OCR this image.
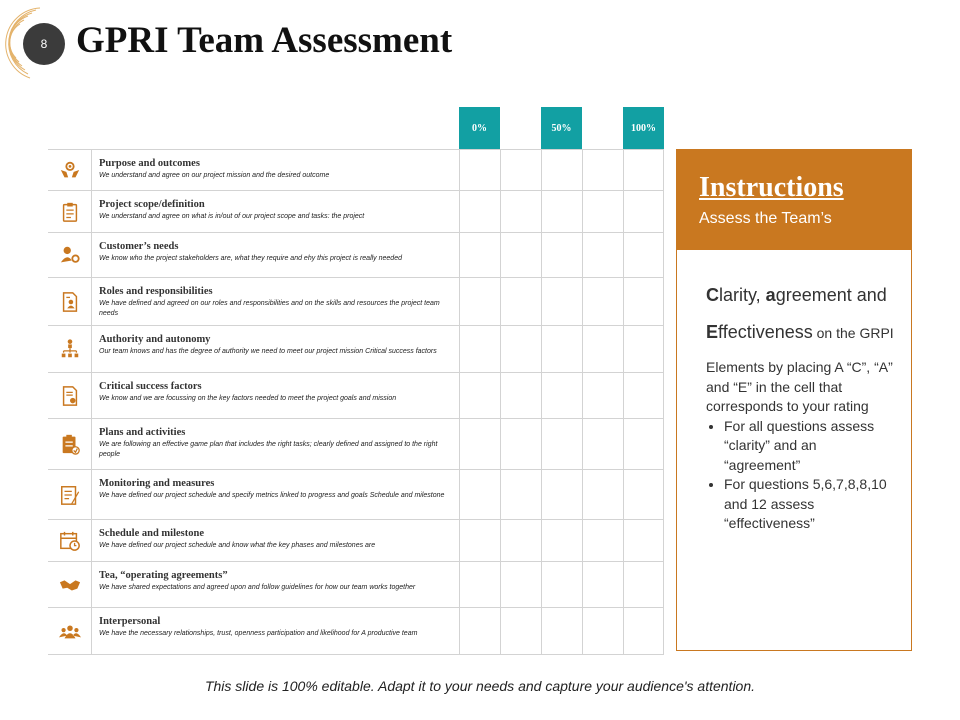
8 GPRI Team Assessment
0%	50%	100%
Purpose and outcomes
We understand and agree on our project mission and the desired outcome
Project scope/definition
We understand and agree on what is in/out of our project scope and tasks: the project
Customer’s needs
We know who the project stakeholders are, what they require and ehy this project is really needed
Roles and responsibilities
We have defined and agreed on our roles and responsibilities and on the skills and resources the project team needs
Authority and autonomy
Our team knows and has the degree of authority we need to meet our project mission Critical success factors
Critical success factors
We know and we are focussing on the key factors needed to meet the project goals and mission
Plans and activities
We are following an effective game plan that includes the right tasks; clearly defined and assigned to the right people
Monitoring and measures
We have defined our project schedule and specify metrics linked to progress and goals Schedule and milestone
Schedule and milestone
We have defined our project schedule and know what the key phases and milestones are
Tea, “operating agreements”
We have shared expectations and agreed upon and follow guidelines for how our team works together
Interpersonal
We have the necessary relationships, trust, openness participation and likelihood for A productive team
Instructions
Assess the Team’s
Clarity, agreement and
Effectiveness on the GRPI
Elements by placing A “C”, “A” and “E” in the cell that corresponds to your rating
• For all questions assess “clarity” and an “agreement”
• For questions 5,6,7,8,8,10 and 12 assess “effectiveness”
This slide is 100% editable. Adapt it to your needs and capture your audience's attention.
